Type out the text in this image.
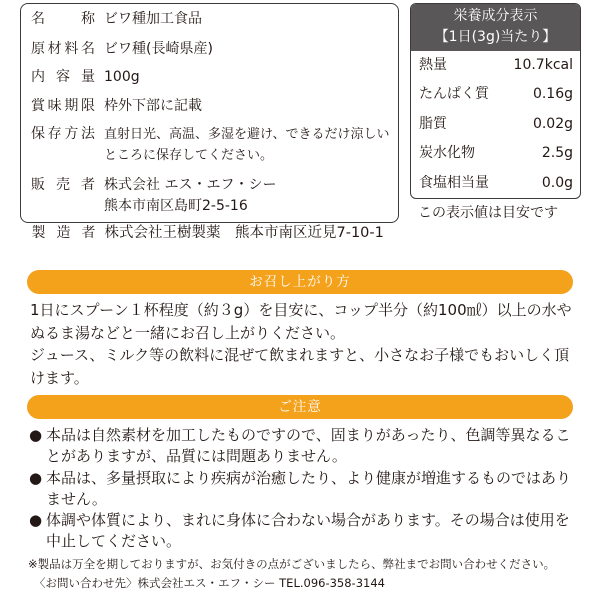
名　　称 ビワ種加工食品
原材料名 ビワ種(長崎県産)
内 容 量 100g
賞味期限 枠外下部に記載
保存方法 直射日光、高温、多湿を避け、できるだけ涼しい
ところに保存してください。
販 売 者 株式会社 エス・エフ・シー
熊本市南区島町2-5-16
製 造 者 株式会社王樹製薬　熊本市南区近見7-10-1
栄養成分表示
【1日(3g)当たり】
熱量	10.7kcal
たんぱく質	0.16g
脂質	0.02g
炭水化物	2.5g
食塩相当量	0.0g
この表示値は目安です
お召し上がり方
1日にスプーン１杯程度（約３g）を目安に、コップ半分（約100㎖）以上の水や
ぬるま湯などと一緒にお召し上がりください。
ジュース、ミルク等の飲料に混ぜて飲まれますと、小さなお子様でもおいしく頂
けます。
ご注意
● 本品は自然素材を加工したものですので、固まりがあったり、色調等異なるこ
とがありますが、品質には問題ありません。
● 本品は、多量摂取により疾病が治癒したり、より健康が増進するものではあり
ません。
● 体調や体質により、まれに身体に合わない場合があります。その場合は使用を
中止してください。
※製品は万全を期しておりますが、お気付きの点がございましたら、弊社までお問い合わせください。
〈お問い合わせ先〉株式会社エス・エフ・シー TEL.096-358-3144
